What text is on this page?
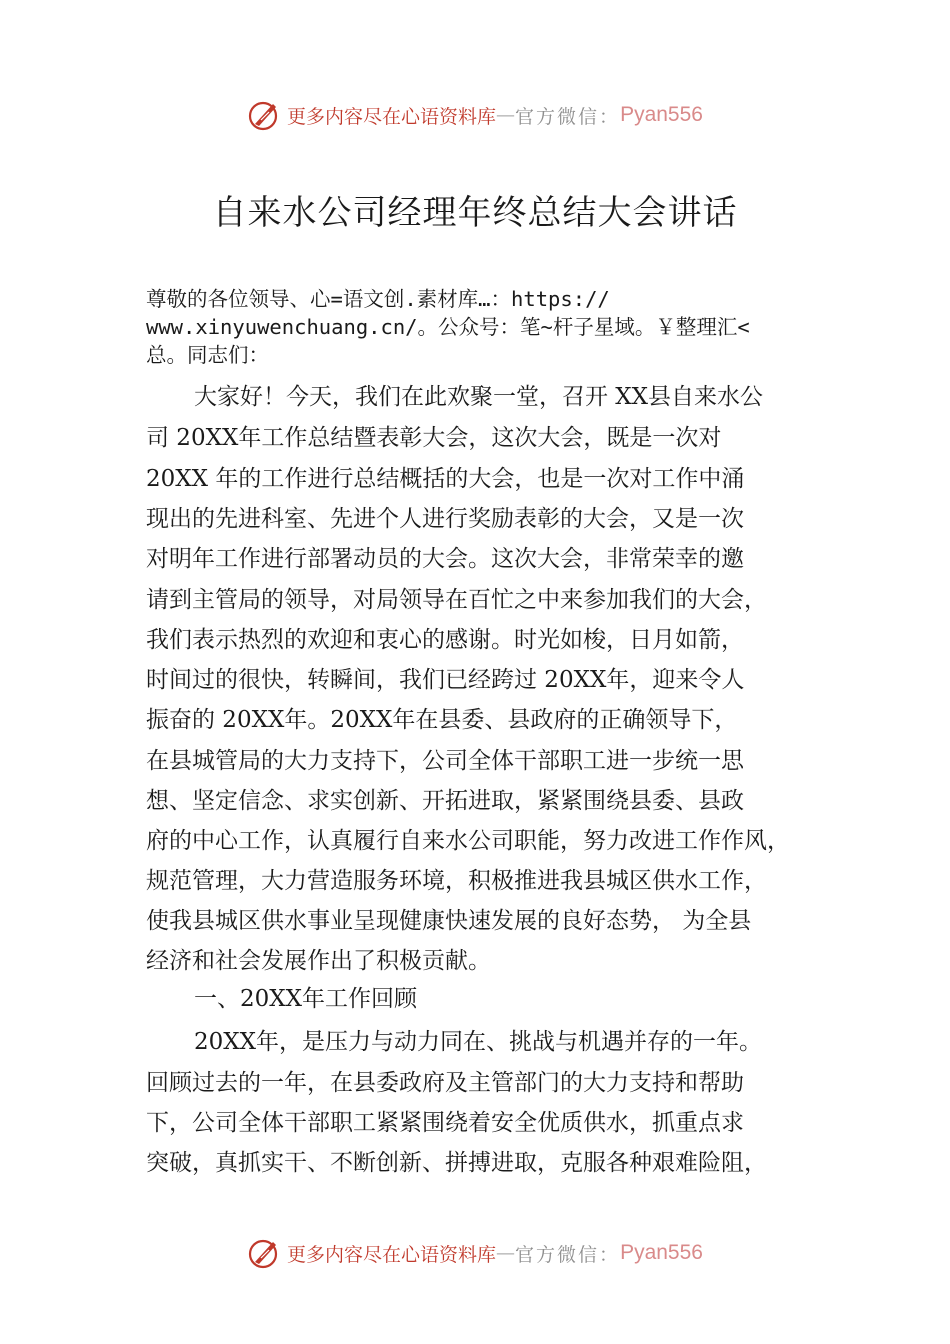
更多内容尽在心语资料库 — 官方微信： Pyan556
自来水公司经理年终总结大会讲话
尊敬的各位领导、心=语文创.素材库…：https://
www.xinyuwenchuang.cn/。公众号：笔~杆子星域。￥整理汇<
总。同志们：
大家好！今天，我们在此欢聚一堂，召开 XX县自来水公
司 20XX年工作总结暨表彰大会，这次大会，既是一次对
20XX 年的工作进行总结概括的大会，也是一次对工作中涌
现出的先进科室、先进个人进行奖励表彰的大会，又是一次
对明年工作进行部署动员的大会。这次大会，非常荣幸的邀
请到主管局的领导，对局领导在百忙之中来参加我们的大会，
我们表示热烈的欢迎和衷心的感谢。时光如梭，日月如箭，
时间过的很快，转瞬间，我们已经跨过 20XX年，迎来令人
振奋的 20XX年。20XX年在县委、县政府的正确领导下，
在县城管局的大力支持下，公司全体干部职工进一步统一思
想、坚定信念、求实创新、开拓进取，紧紧围绕县委、县政
府的中心工作，认真履行自来水公司职能，努力改进工作作风，
规范管理，大力营造服务环境，积极推进我县城区供水工作，
使我县城区供水事业呈现健康快速发展的良好态势， 为全县
经济和社会发展作出了积极贡献。
一、20XX年工作回顾
20XX年，是压力与动力同在、挑战与机遇并存的一年。
回顾过去的一年，在县委政府及主管部门的大力支持和帮助
下，公司全体干部职工紧紧围绕着安全优质供水，抓重点求
突破，真抓实干、不断创新、拼搏进取，克服各种艰难险阻，
更多内容尽在心语资料库 — 官方微信： Pyan556
